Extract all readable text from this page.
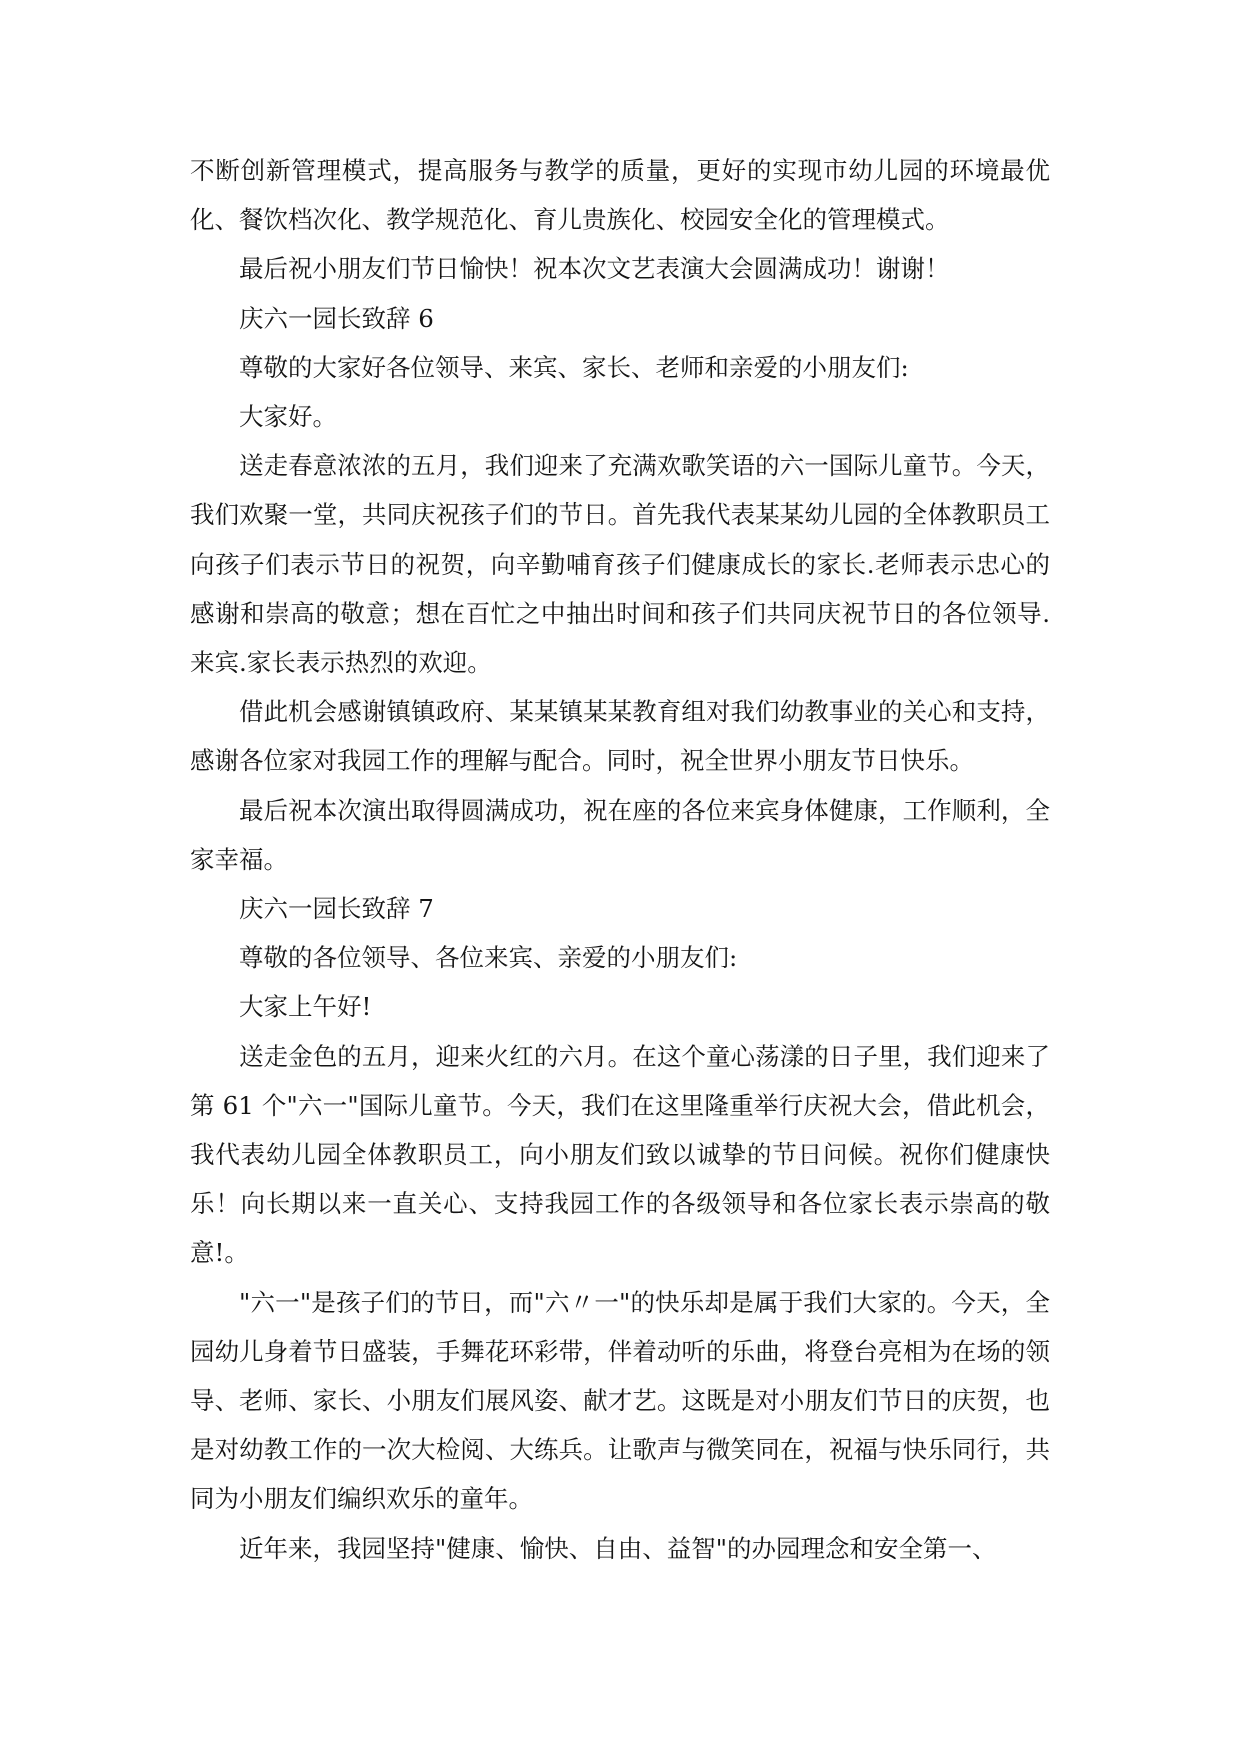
不断创新管理模式，提高服务与教学的质量，更好的实现市幼儿园的环境最优化、餐饮档次化、教学规范化、育儿贵族化、校园安全化的管理模式。

最后祝小朋友们节日愉快！祝本次文艺表演大会圆满成功！谢谢！

庆六一园长致辞 6

尊敬的大家好各位领导、来宾、家长、老师和亲爱的小朋友们:

大家好。

送走春意浓浓的五月，我们迎来了充满欢歌笑语的六一国际儿童节。今天，我们欢聚一堂，共同庆祝孩子们的节日。首先我代表某某幼儿园的全体教职员工向孩子们表示节日的祝贺，向辛勤哺育孩子们健康成长的家长.老师表示忠心的感谢和崇高的敬意；想在百忙之中抽出时间和孩子们共同庆祝节日的各位领导.来宾.家长表示热烈的欢迎。

借此机会感谢镇镇政府、某某镇某某教育组对我们幼教事业的关心和支持，感谢各位家对我园工作的理解与配合。同时，祝全世界小朋友节日快乐。

最后祝本次演出取得圆满成功，祝在座的各位来宾身体健康，工作顺利，全家幸福。

庆六一园长致辞 7

尊敬的各位领导、各位来宾、亲爱的小朋友们:

大家上午好!

送走金色的五月，迎来火红的六月。在这个童心荡漾的日子里，我们迎来了第 61 个"六一"国际儿童节。今天，我们在这里隆重举行庆祝大会，借此机会，我代表幼儿园全体教职员工，向小朋友们致以诚挚的节日问候。祝你们健康快乐！向长期以来一直关心、支持我园工作的各级领导和各位家长表示崇高的敬意!。

"六一"是孩子们的节日，而"六〃一"的快乐却是属于我们大家的。今天，全园幼儿身着节日盛装，手舞花环彩带，伴着动听的乐曲，将登台亮相为在场的领导、老师、家长、小朋友们展风姿、献才艺。这既是对小朋友们节日的庆贺，也是对幼教工作的一次大检阅、大练兵。让歌声与微笑同在，祝福与快乐同行，共同为小朋友们编织欢乐的童年。

近年来，我园坚持"健康、愉快、自由、益智"的办园理念和安全第一、
